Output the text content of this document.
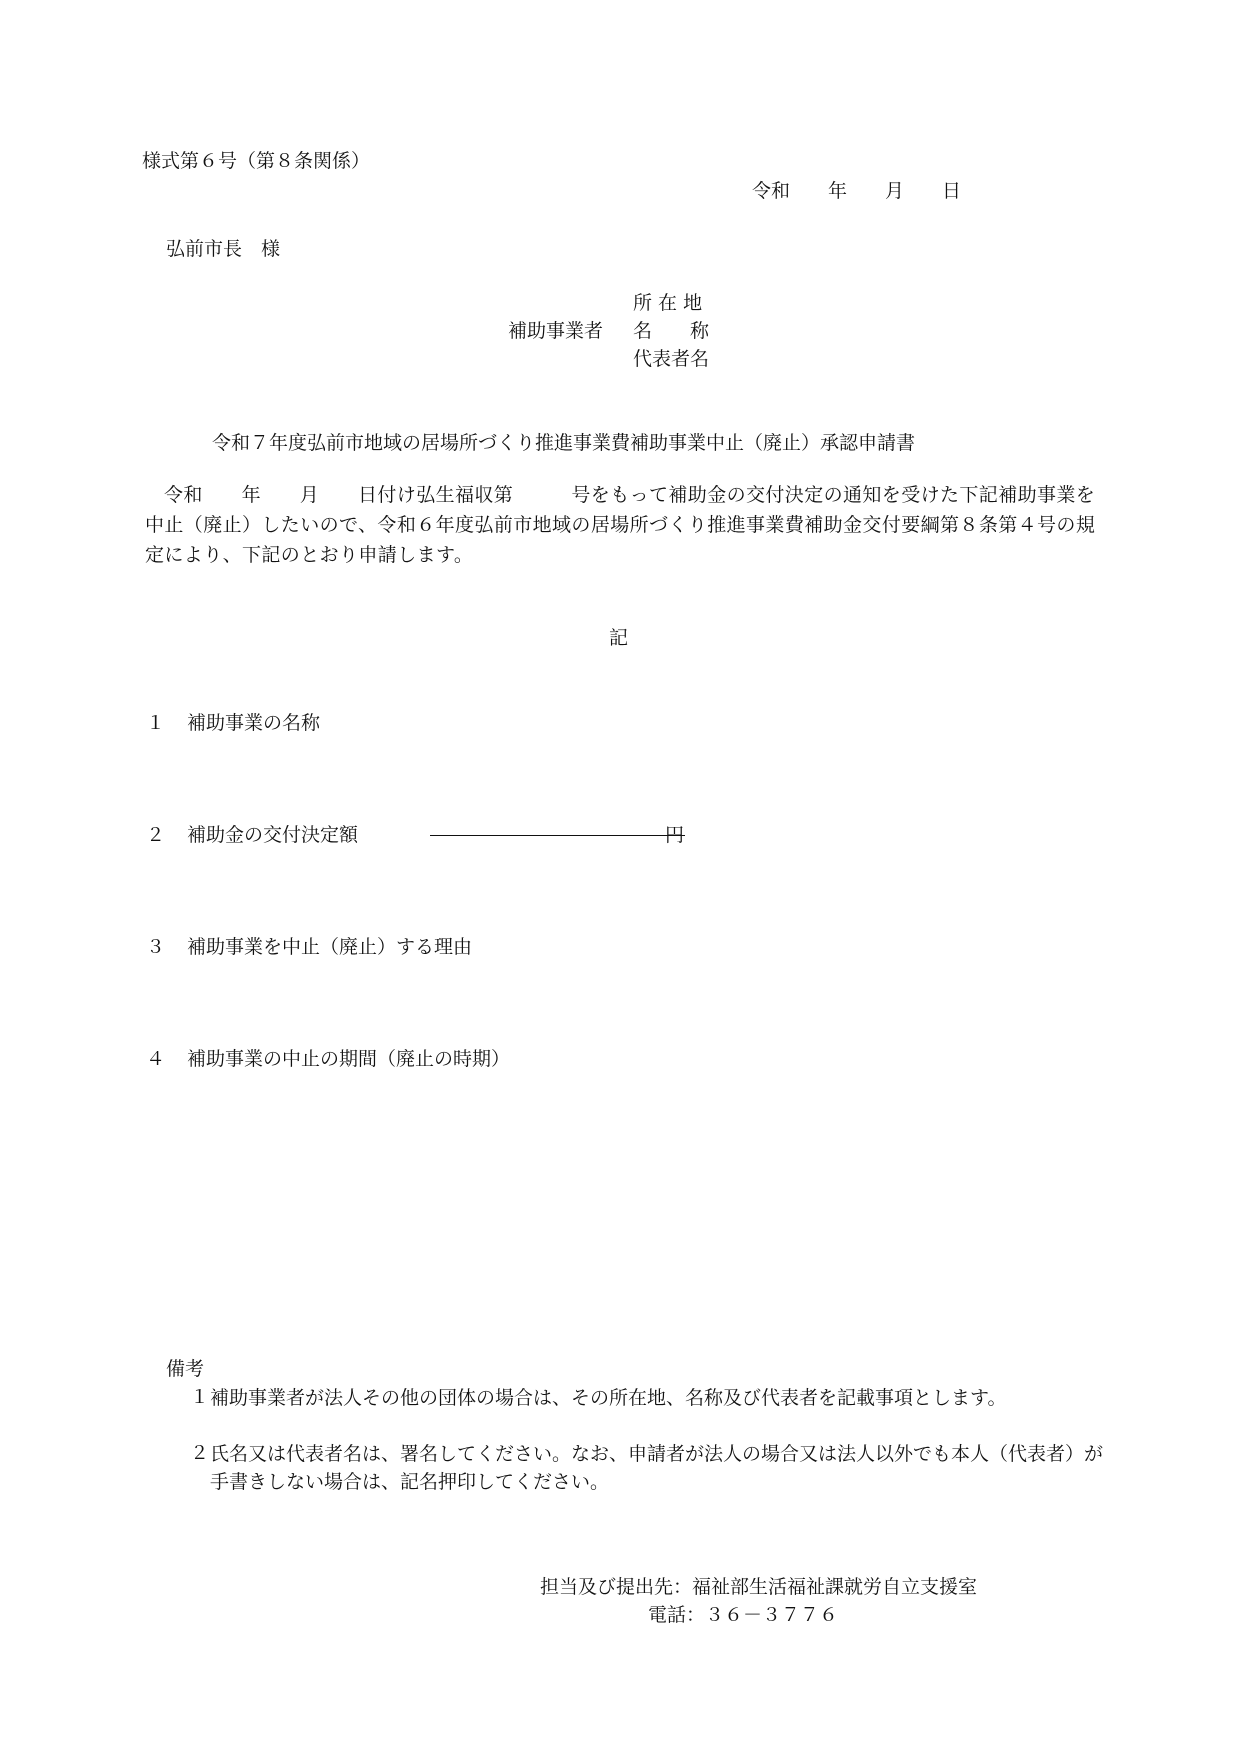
様式第６号（第８条関係）
令和　　年　　月　　日
弘前市長　様
所 在 地
補助事業者 名　　称
代表者名
令和７年度弘前市地域の居場所づくり推進事業費補助事業中止（廃止）承認申請書
令和　　年　　月　　日付け弘生福収第　　　号をもって補助金の交付決定の通知を受けた下記補助事業を中止（廃止）したいので、令和６年度弘前市地域の居場所づくり推進事業費補助金交付要綱第８条第４号の規定により、下記のとおり申請します。
記
１ 補助事業の名称
２ 補助金の交付決定額	円
３ 補助事業を中止（廃止）する理由
４ 補助事業の中止の期間（廃止の時期）
備考
１ 補助事業者が法人その他の団体の場合は、その所在地、名称及び代表者を記載事項とします。
２ 氏名又は代表者名は、署名してください。なお、申請者が法人の場合又は法人以外でも本人（代表者）が手書きしない場合は、記名押印してください。
担当及び提出先：福祉部生活福祉課就労自立支援室
電話：３６－３７７６
